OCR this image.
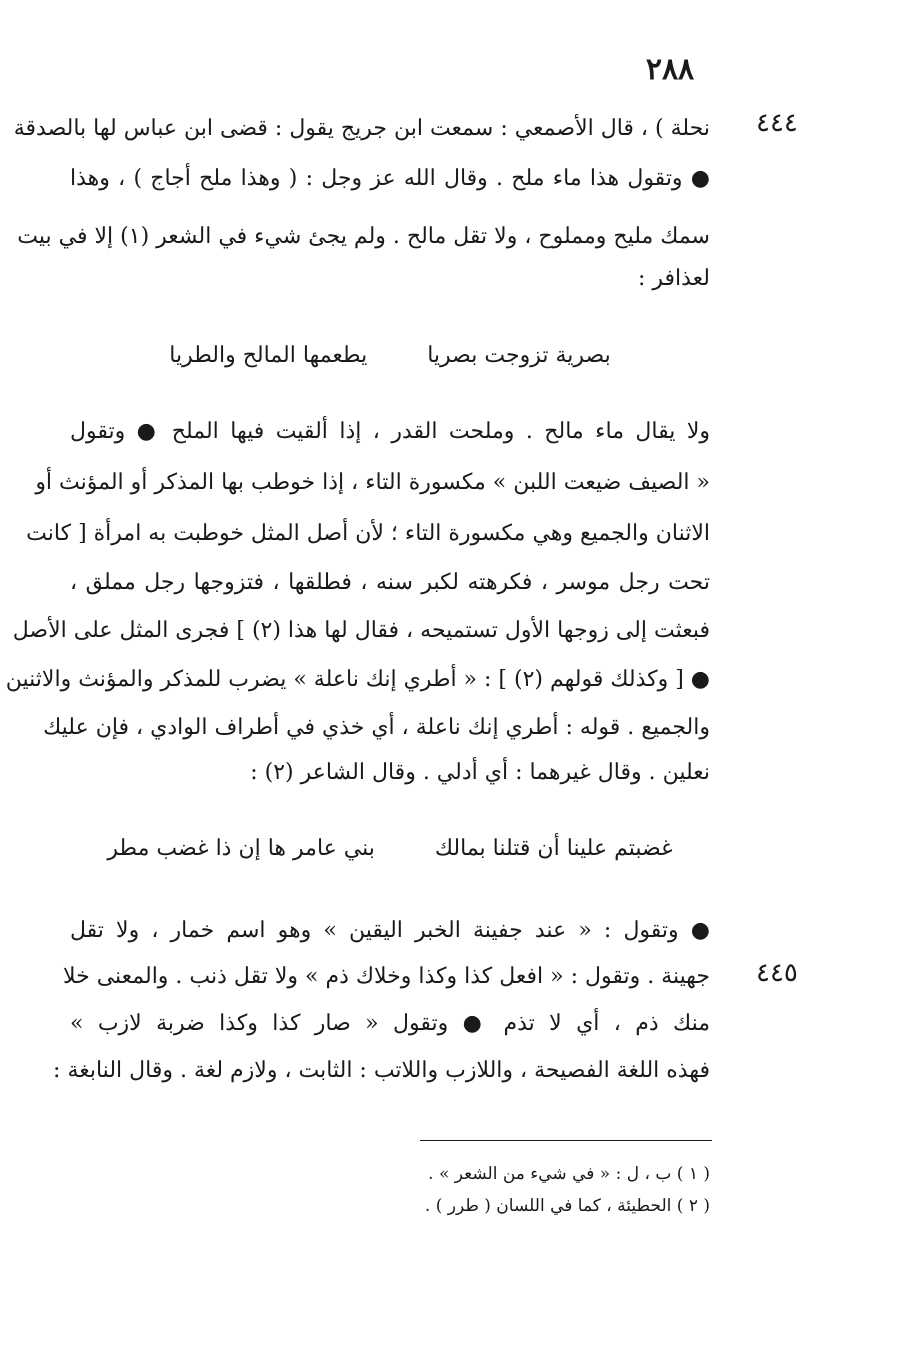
٢٨٨
٤٤٤
٤٤٥
نحلة ) ، قال الأصمعي : سمعت ابن جريج يقول : قضى ابن عباس لها بالصدقة
● وتقول هذا ماء ملح . وقال الله عز وجل : ( وهذا ملح أجاج ) ، وهذا
سمك مليح ومملوح ، ولا تقل مالح . ولم يجئ شيء في الشعر (١) إلا في بيت
لعذافر :
بصرية تزوجت بصريا
يطعمها المالح والطريا
ولا يقال ماء مالح . وملحت القدر ، إذا ألقيت فيها الملح ● وتقول
« الصيف ضيعت اللبن » مكسورة التاء ، إذا خوطب بها المذكر أو المؤنث أو
الاثنان والجميع وهي مكسورة التاء ؛ لأن أصل المثل خوطبت به امرأة [ كانت
تحت رجل موسر ، فكرهته لكبر سنه ، فطلقها ، فتزوجها رجل مملق ،
فبعثت إلى زوجها الأول تستميحه ، فقال لها هذا (٢) ] فجرى المثل على الأصل
● [ وكذلك قولهم (٢) ] : « أطري إنك ناعلة » يضرب للمذكر والمؤنث والاثنين
والجميع . قوله : أطري إنك ناعلة ، أي خذي في أطراف الوادي ، فإن عليك
نعلين . وقال غيرهما : أي أدلي . وقال الشاعر (٢) :
غضبتم علينا أن قتلنا بمالك
بني عامر ها إن ذا غضب مطر
● وتقول : « عند جفينة الخبر اليقين » وهو اسم خمار ، ولا تقل
جهينة . وتقول : « افعل كذا وكذا وخلاك ذم » ولا تقل ذنب . والمعنى خلا
منك ذم ، أي لا تذم ● وتقول « صار كذا وكذا ضربة لازب »
فهذه اللغة الفصيحة ، واللازب واللاتب : الثابت ، ولازم لغة . وقال النابغة :
( ١ ) ب ، ل : « في شيء من الشعر » .
( ٢ ) الحطيئة ، كما في اللسان ( طرر ) .
